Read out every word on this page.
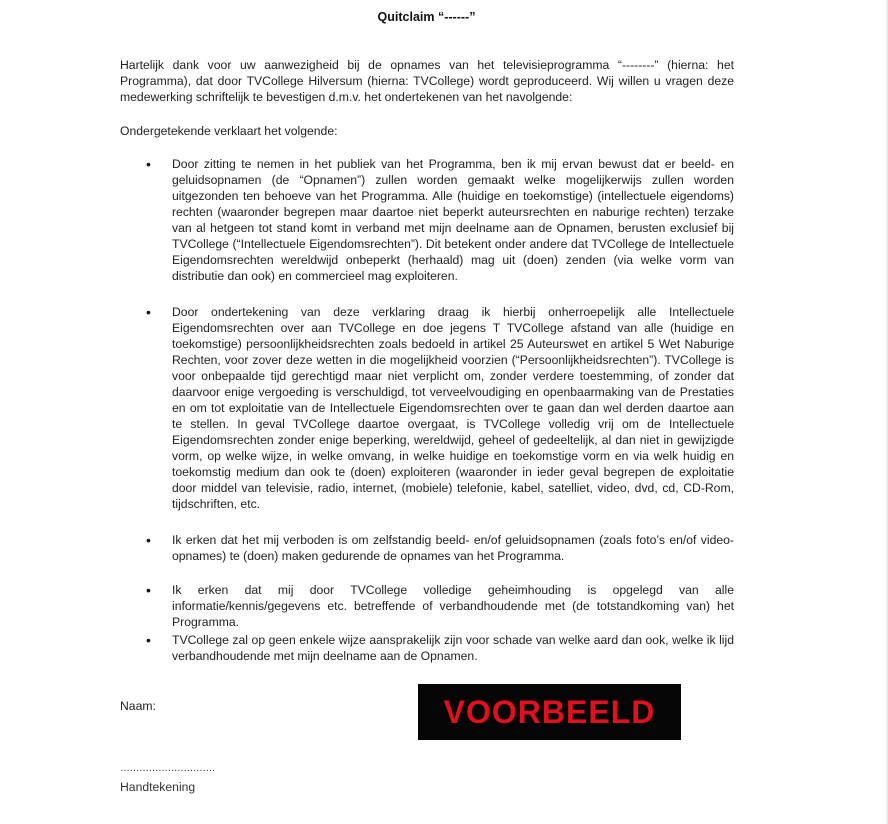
Quitclaim “------”

Hartelijk dank voor uw aanwezigheid bij de opnames van het televisieprogramma “--------” (hierna: het Programma), dat door TVCollege Hilversum (hierna: TVCollege) wordt geproduceerd. Wij willen u vragen deze medewerking schriftelijk te bevestigen d.m.v. het ondertekenen van het navolgende:

Ondergetekende verklaart het volgende:

• Door zitting te nemen in het publiek van het Programma, ben ik mij ervan bewust dat er beeld- en geluidsopnamen (de “Opnamen”) zullen worden gemaakt welke mogelijkerwijs zullen worden uitgezonden ten behoeve van het Programma. Alle (huidige en toekomstige) (intellectuele eigendoms) rechten (waaronder begrepen maar daartoe niet beperkt auteursrechten en naburige rechten) terzake van al hetgeen tot stand komt in verband met mijn deelname aan de Opnamen, berusten exclusief bij TVCollege (“Intellectuele Eigendomsrechten”). Dit betekent onder andere dat TVCollege de Intellectuele Eigendomsrechten wereldwijd onbeperkt (herhaald) mag uit (doen) zenden (via welke vorm van distributie dan ook) en commercieel mag exploiteren.

• Door ondertekening van deze verklaring draag ik hierbij onherroepelijk alle Intellectuele Eigendomsrechten over aan TVCollege en doe jegens T TVCollege afstand van alle (huidige en toekomstige) persoonlijkheidsrechten zoals bedoeld in artikel 25 Auteurswet en artikel 5 Wet Naburige Rechten, voor zover deze wetten in die mogelijkheid voorzien (“Persoonlijkheidsrechten”). TVCollege is voor onbepaalde tijd gerechtigd maar niet verplicht om, zonder verdere toestemming, of zonder dat daarvoor enige vergoeding is verschuldigd, tot verveelvoudiging en openbaarmaking van de Prestaties en om tot exploitatie van de Intellectuele Eigendomsrechten over te gaan dan wel derden daartoe aan te stellen. In geval TVCollege daartoe overgaat, is TVCollege volledig vrij om de Intellectuele Eigendomsrechten zonder enige beperking, wereldwijd, geheel of gedeeltelijk, al dan niet in gewijzigde vorm, op welke wijze, in welke omvang, in welke huidige en toekomstige vorm en via welk huidig en toekomstig medium dan ook te (doen) exploiteren (waaronder in ieder geval begrepen de exploitatie door middel van televisie, radio, internet, (mobiele) telefonie, kabel, satelliet, video, dvd, cd, CD-Rom, tijdschriften, etc.

• Ik erken dat het mij verboden is om zelfstandig beeld- en/of geluidsopnamen (zoals foto’s en/of video-opnames) te (doen) maken gedurende de opnames van het Programma.

• Ik erken dat mij door TVCollege volledige geheimhouding is opgelegd van alle informatie/kennis/gegevens etc. betreffende of verbandhoudende met (de totstandkoming van) het Programma.

• TVCollege zal op geen enkele wijze aansprakelijk zijn voor schade van welke aard dan ook, welke ik lijd verbandhoudende met mijn deelname aan de Opnamen.

Naam:	VOORBEELD
…………………………
Handtekening
